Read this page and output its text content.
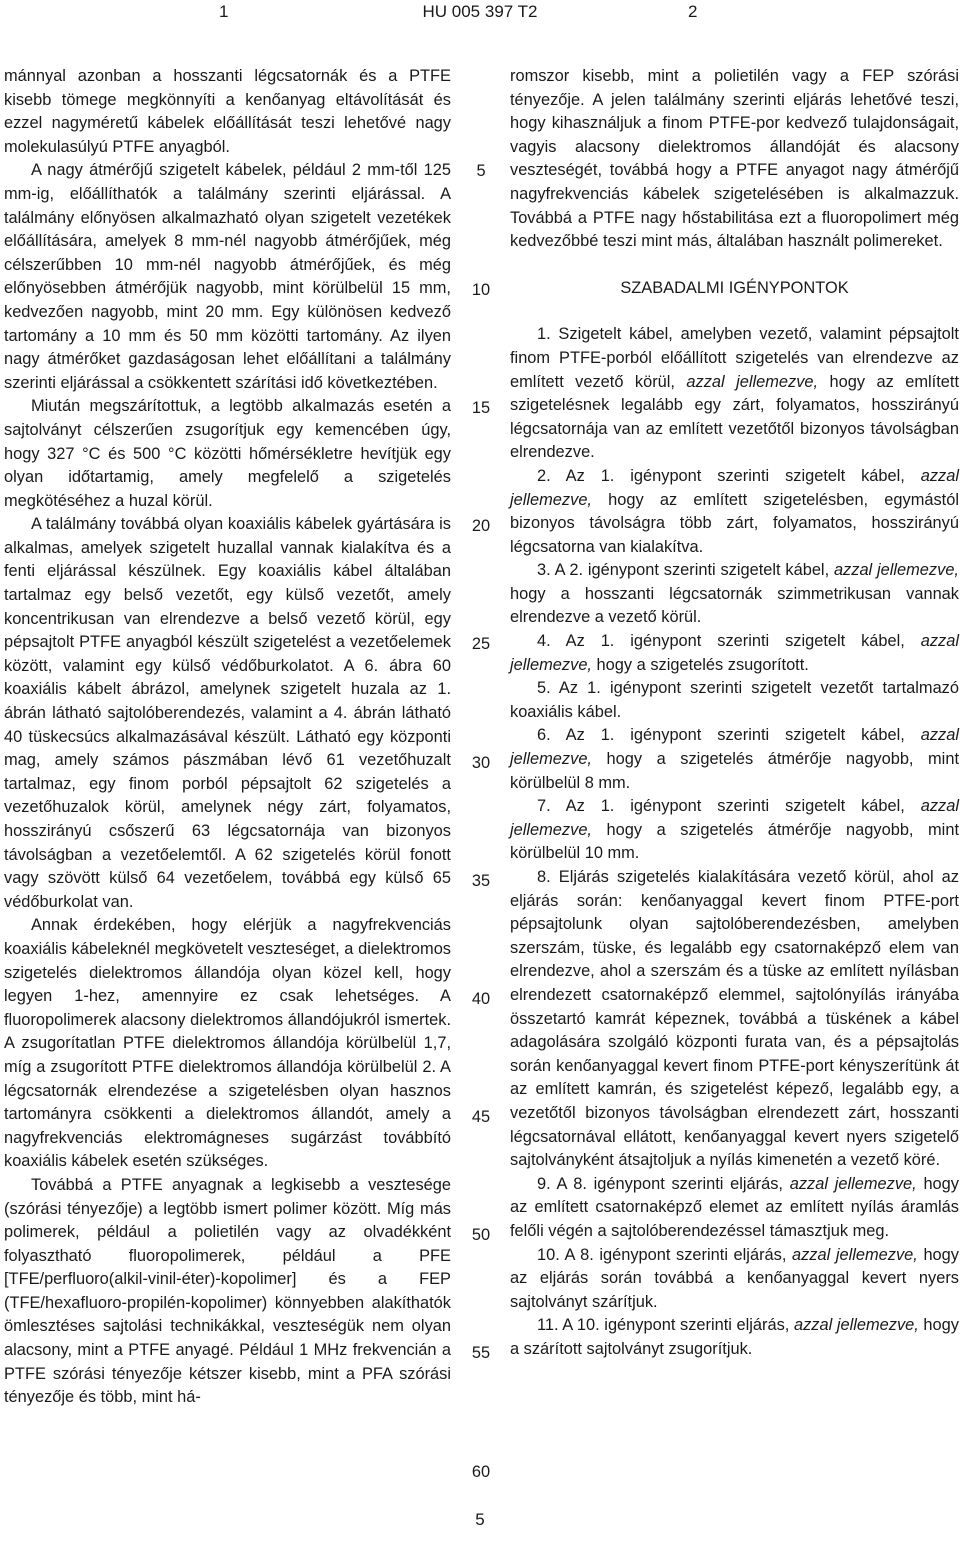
1	HU 005 397 T2	2

mánnyal azonban a hosszanti légcsatornák és a PTFE kisebb tömege megkönnyíti a kenőanyag eltávolítását és ezzel nagyméretű kábelek előállítását teszi lehetővé nagy molekulasúlyú PTFE anyagból.

A nagy átmérőjű szigetelt kábelek, például 2 mm-től 125 mm-ig, előállíthatók a találmány szerinti eljárással. A találmány előnyösen alkalmazható olyan szigetelt vezetékek előállítására, amelyek 8 mm-nél nagyobb átmérőjűek, még célszerűbben 10 mm-nél nagyobb átmérőjűek, és még előnyösebben átmérőjük nagyobb, mint körülbelül 15 mm, kedvezően nagyobb, mint 20 mm. Egy különösen kedvező tartomány a 10 mm és 50 mm közötti tartomány. Az ilyen nagy átmérőket gazdaságosan lehet előállítani a találmány szerinti eljárással a csökkentett szárítási idő következtében.

Miután megszárítottuk, a legtöbb alkalmazás esetén a sajtolványt célszerűen zsugorítjuk egy kemencében úgy, hogy 327 °C és 500 °C közötti hőmérsékletre hevítjük egy olyan időtartamig, amely megfelelő a szigetelés megkötéséhez a huzal körül.

A találmány továbbá olyan koaxiális kábelek gyártására is alkalmas, amelyek szigetelt huzallal vannak kialakítva és a fenti eljárással készülnek. Egy koaxiális kábel általában tartalmaz egy belső vezetőt, egy külső vezetőt, amely koncentrikusan van elrendezve a belső vezető körül, egy pépsajtolt PTFE anyagból készült szigetelést a vezetőelemek között, valamint egy külső védőburkolatot. A 6. ábra 60 koaxiális kábelt ábrázol, amelynek szigetelt huzala az 1. ábrán látható sajtolóberendezés, valamint a 4. ábrán látható 40 tüskecsúcs alkalmazásával készült. Látható egy központi mag, amely számos pászmában lévő 61 vezetőhuzalt tartalmaz, egy finom porból pépsajtolt 62 szigetelés a vezetőhuzalok körül, amelynek négy zárt, folyamatos, hosszirányú csőszerű 63 légcsatornája van bizonyos távolságban a vezetőelemtől. A 62 szigetelés körül fonott vagy szövött külső 64 vezetőelem, továbbá egy külső 65 védőburkolat van.

Annak érdekében, hogy elérjük a nagyfrekvenciás koaxiális kábeleknél megkövetelt veszteséget, a dielektromos szigetelés dielektromos állandója olyan közel kell, hogy legyen 1-hez, amennyire ez csak lehetséges. A fluoropolimerek alacsony dielektromos állandójukról ismertek. A zsugorítatlan PTFE dielektromos állandója körülbelül 1,7, míg a zsugorított PTFE dielektromos állandója körülbelül 2. A légcsatornák elrendezése a szigetelésben olyan hasznos tartományra csökkenti a dielektromos állandót, amely a nagyfrekvenciás elektromágneses sugárzást továbbító koaxiális kábelek esetén szükséges.

Továbbá a PTFE anyagnak a legkisebb a vesztesége (szórási tényezője) a legtöbb ismert polimer között. Míg más polimerek, például a polietilén vagy az olvadékként folyasztható fluoropolimerek, például a PFE [TFE/perfluoro(alkil-vinil-éter)-kopolimer] és a FEP (TFE/hexafluoro-propilén-kopolimer) könnyebben alakíthatók ömlesztéses sajtolási technikákkal, veszteségük nem olyan alacsony, mint a PTFE anyagé. Például 1 MHz frekvencián a PTFE szórási tényezője kétszer kisebb, mint a PFA szórási tényezője és több, mint há-

romszor kisebb, mint a polietilén vagy a FEP szórási tényezője. A jelen találmány szerinti eljárás lehetővé teszi, hogy kihasználjuk a finom PTFE-por kedvező tulajdonságait, vagyis alacsony dielektromos állandóját és alacsony veszteségét, továbbá hogy a PTFE anyagot nagy átmérőjű nagyfrekvenciás kábelek szigetelésében is alkalmazzuk. Továbbá a PTFE nagy hőstabilitása ezt a fluoropolimert még kedvezőbbé teszi mint más, általában használt polimereket.

SZABADALMI IGÉNYPONTOK

1. Szigetelt kábel, amelyben vezető, valamint pépsajtolt finom PTFE-porból előállított szigetelés van elrendezve az említett vezető körül, azzal jellemezve, hogy az említett szigetelésnek legalább egy zárt, folyamatos, hosszirányú légcsatornája van az említett vezetőtől bizonyos távolságban elrendezve.

2. Az 1. igénypont szerinti szigetelt kábel, azzal jellemezve, hogy az említett szigetelésben, egymástól bizonyos távolságra több zárt, folyamatos, hosszirányú légcsatorna van kialakítva.

3. A 2. igénypont szerinti szigetelt kábel, azzal jellemezve, hogy a hosszanti légcsatornák szimmetrikusan vannak elrendezve a vezető körül.

4. Az 1. igénypont szerinti szigetelt kábel, azzal jellemezve, hogy a szigetelés zsugorított.

5. Az 1. igénypont szerinti szigetelt vezetőt tartalmazó koaxiális kábel.

6. Az 1. igénypont szerinti szigetelt kábel, azzal jellemezve, hogy a szigetelés átmérője nagyobb, mint körülbelül 8 mm.

7. Az 1. igénypont szerinti szigetelt kábel, azzal jellemezve, hogy a szigetelés átmérője nagyobb, mint körülbelül 10 mm.

8. Eljárás szigetelés kialakítására vezető körül, ahol az eljárás során: kenőanyaggal kevert finom PTFE-port pépsajtolunk olyan sajtolóberendezésben, amelyben szerszám, tüske, és legalább egy csatornaképző elem van elrendezve, ahol a szerszám és a tüske az említett nyílásban elrendezett csatornaképző elemmel, sajtolónyílás irányába összetartó kamrát képeznek, továbbá a tüskének a kábel adagolására szolgáló központi furata van, és a pépsajtolás során kenőanyaggal kevert finom PTFE-port kényszerítünk át az említett kamrán, és szigetelést képező, legalább egy, a vezetőtől bizonyos távolságban elrendezett zárt, hosszanti légcsatornával ellátott, kenőanyaggal kevert nyers szigetelő sajtolványként átsajtoljuk a nyílás kimenetén a vezető köré.

9. A 8. igénypont szerinti eljárás, azzal jellemezve, hogy az említett csatornaképző elemet az említett nyílás áramlás felőli végén a sajtolóberendezéssel támasztjuk meg.

10. A 8. igénypont szerinti eljárás, azzal jellemezve, hogy az eljárás során továbbá a kenőanyaggal kevert nyers sajtolványt szárítjuk.

11. A 10. igénypont szerinti eljárás, azzal jellemezve, hogy a szárított sajtolványt zsugorítjuk.

5
10
15
20
25
30
35
40
45
50
55
60
5
